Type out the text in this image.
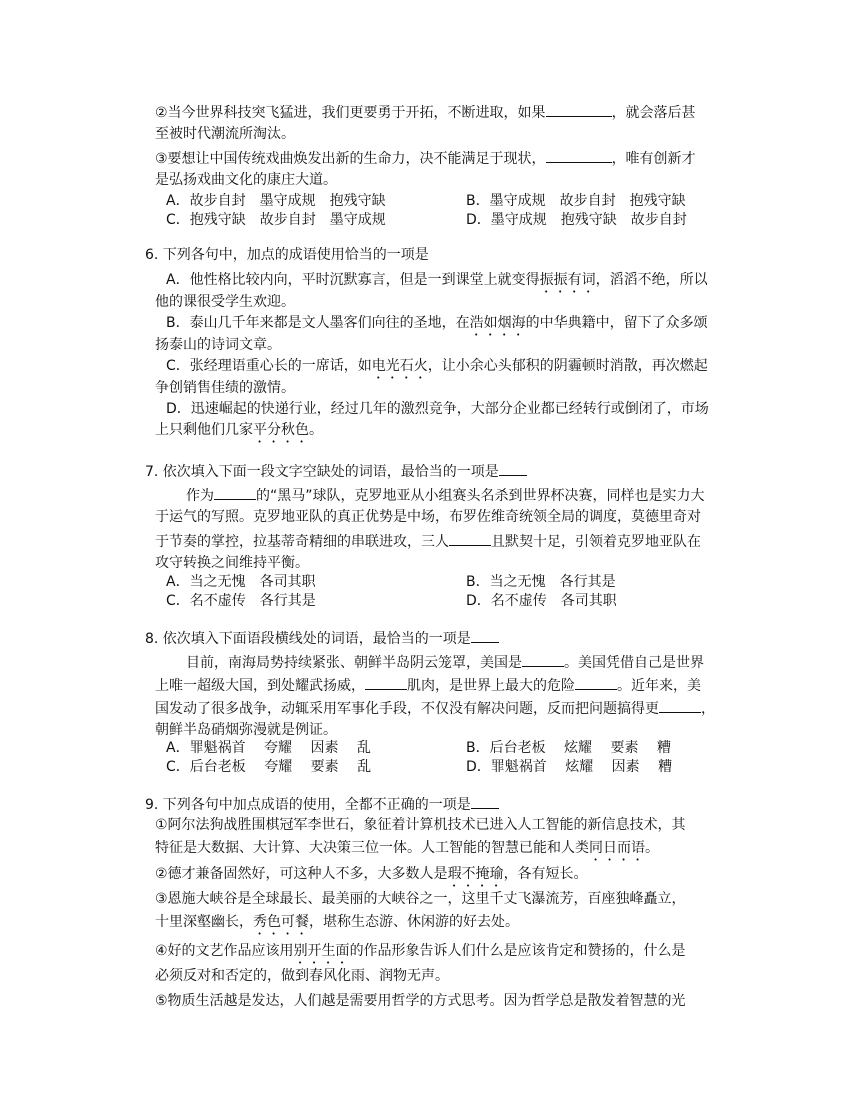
②当今世界科技突飞猛进，我们更要勇于开拓，不断进取，如果	，就会落后甚
至被时代潮流所淘汰。
③要想让中国传统戏曲焕发出新的生命力，决不能满足于现状，	，唯有创新才
是弘扬戏曲文化的康庄大道。
A．故步自封　墨守成规　抱残守缺	B．墨守成规　故步自封　抱残守缺
C．抱残守缺　故步自封　墨守成规	D．墨守成规　抱残守缺　故步自封
6. 下列各句中，加点的成语使用恰当的一项是
A．他性格比较内向，平时沉默寡言，但是一到课堂上就变得振振有词，滔滔不绝，所以
他的课很受学生欢迎。
B．泰山几千年来都是文人墨客们向往的圣地，在浩如烟海的中华典籍中，留下了众多颂
扬泰山的诗词文章。
C．张经理语重心长的一席话，如电光石火，让小余心头郁积的阴霾顿时消散，再次燃起
争创销售佳绩的激情。
D．迅速崛起的快递行业，经过几年的激烈竞争，大部分企业都已经转行或倒闭了，市场
上只剩他们几家平分秋色。
7. 依次填入下面一段文字空缺处的词语，最恰当的一项是
作为	的“黑马”球队，克罗地亚从小组赛头名杀到世界杯决赛，同样也是实力大
于运气的写照。克罗地亚队的真正优势是中场，布罗佐维奇统领全局的调度，莫德里奇对
于节奏的掌控，拉基蒂奇精细的串联进攻，三人	且默契十足，引领着克罗地亚队在
攻守转换之间维持平衡。
A．当之无愧　各司其职	B．当之无愧　各行其是
C．名不虚传　各行其是	D．名不虚传　各司其职
8. 依次填入下面语段横线处的词语，最恰当的一项是
目前，南海局势持续紧张、朝鲜半岛阴云笼罩，美国是	。美国凭借自己是世界
上唯一超级大国，到处耀武扬威，	肌肉，是世界上最大的危险	。近年来，美
国发动了很多战争，动辄采用军事化手段，不仅没有解决问题，反而把问题搞得更	，
朝鲜半岛硝烟弥漫就是例证。
A．罪魁祸首　 夸耀　 因素　 乱	B．后台老板　 炫耀　 要素　 糟
C．后台老板　 夸耀　 要素　 乱	D．罪魁祸首　 炫耀　 因素　 糟
9. 下列各句中加点成语的使用，全都不正确的一项是
①阿尔法狗战胜围棋冠军李世石，象征着计算机技术已进入人工智能的新信息技术，其
特征是大数据、大计算、大决策三位一体。人工智能的智慧已能和人类同日而语。
②德才兼备固然好，可这种人不多，大多数人是瑕不掩瑜，各有短长。
③恩施大峡谷是全球最长、最美丽的大峡谷之一，这里千丈飞瀑流芳，百座独峰矗立，
十里深壑幽长，秀色可餐，堪称生态游、休闲游的好去处。
④好的文艺作品应该用别开生面的作品形象告诉人们什么是应该肯定和赞扬的，什么是
必须反对和否定的，做到春风化雨、润物无声。
⑤物质生活越是发达，人们越是需要用哲学的方式思考。因为哲学总是散发着智慧的光
